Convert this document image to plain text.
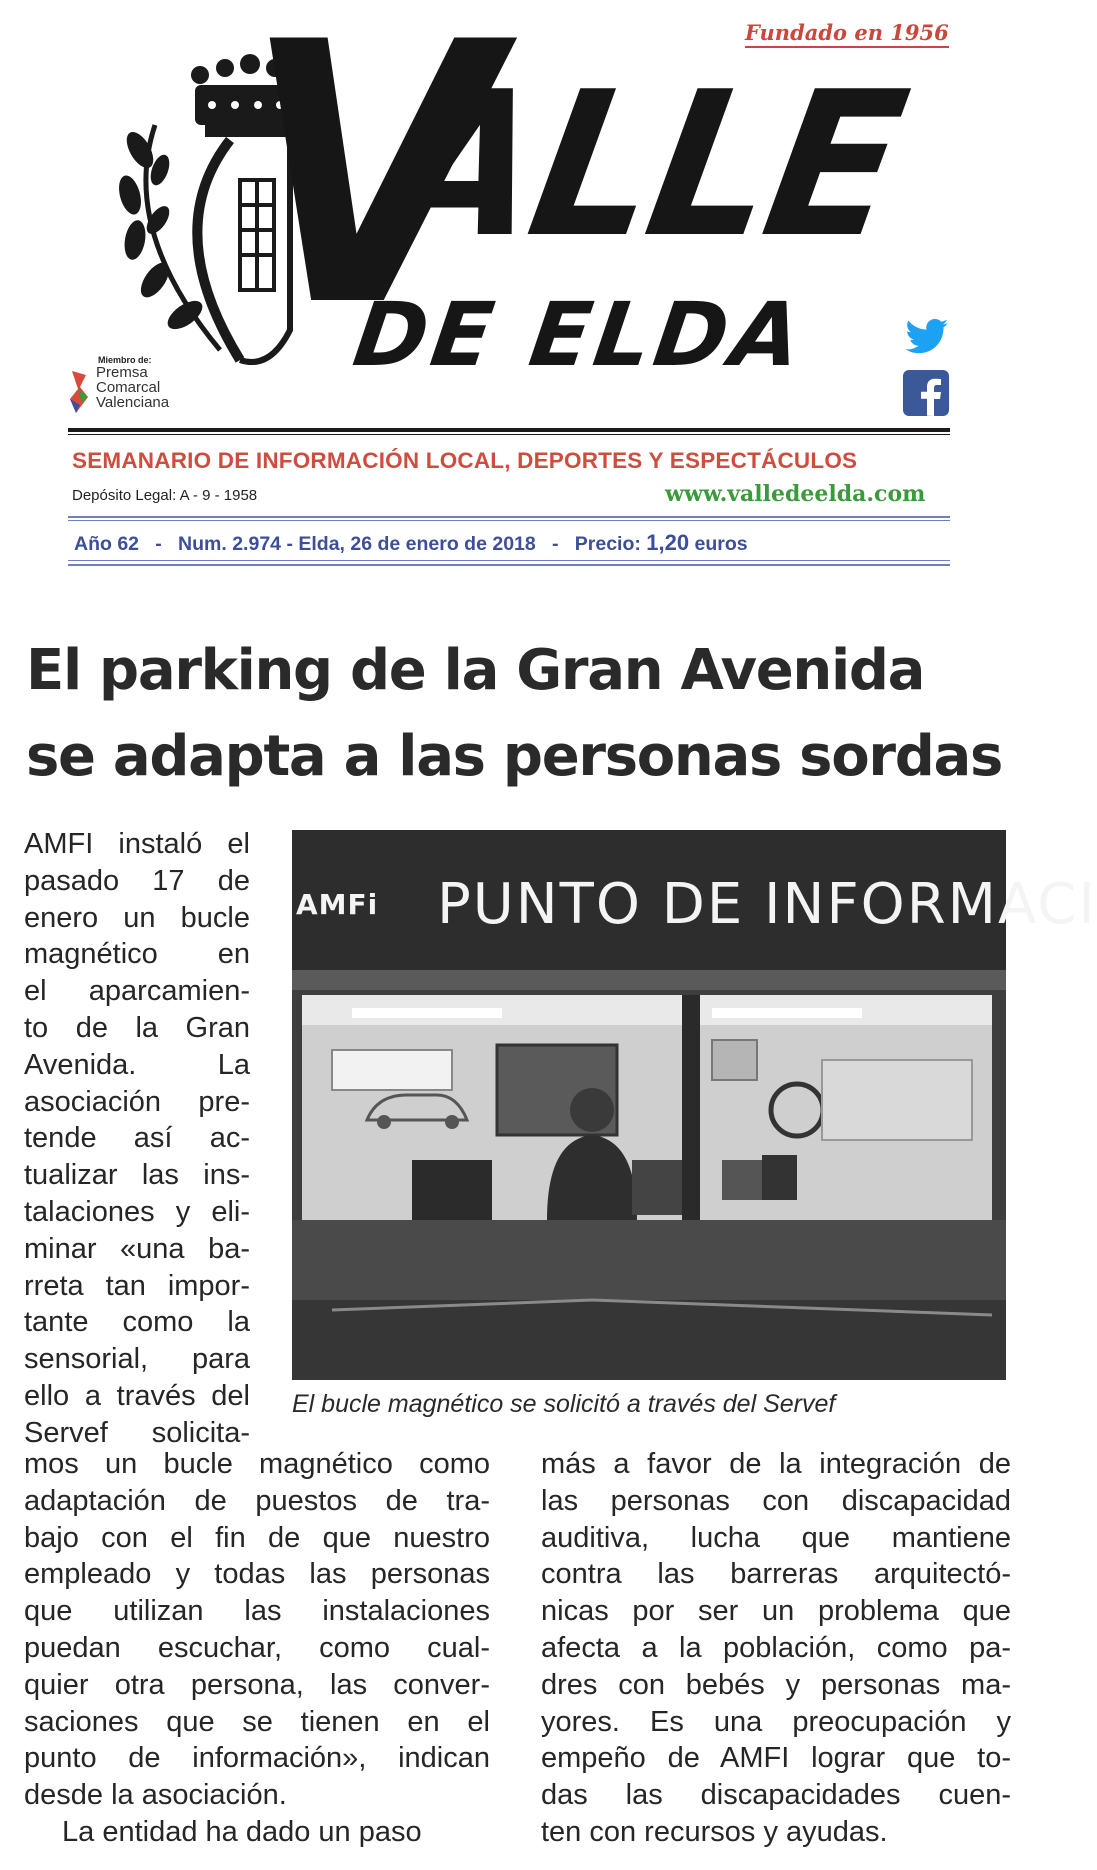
Fundado en 1956
V
ALLE
DE ELDA
Miembro de:
Premsa
Comarcal
Valenciana
SEMANARIO DE INFORMACIÓN LOCAL, DEPORTES Y ESPECTÁCULOS
Depósito Legal: A - 9 - 1958	www.valledeelda.com
Año 62 - Num. 2.974 - Elda, 26 de enero de 2018 - Precio: 1,20 euros
El parking de la Gran Avenida
se adapta a las personas sordas
AMFi PUNTO DE INFORMACI
El bucle magnético se solicitó a través del Servef
AMFI instaló el
pasado 17 de
enero un bucle
magnético en
el aparcamien-
to de la Gran
Avenida. La
asociación pre-
tende así ac-
tualizar las ins-
talaciones y eli-
minar «una ba-
rreta tan impor-
tante como la
sensorial, para
ello a través del
Servef solicita-
mos un bucle magnético como
adaptación de puestos de tra-
bajo con el fin de que nuestro
empleado y todas las personas
que utilizan las instalaciones
puedan escuchar, como cual-
quier otra persona, las conver-
saciones que se tienen en el
punto de información», indican
desde la asociación.
La entidad ha dado un paso
más a favor de la integración de
las personas con discapacidad
auditiva, lucha que mantiene
contra las barreras arquitectó-
nicas por ser un problema que
afecta a la población, como pa-
dres con bebés y personas ma-
yores. Es una preocupación y
empeño de AMFI lograr que to-
das las discapacidades cuen-
ten con recursos y ayudas.
